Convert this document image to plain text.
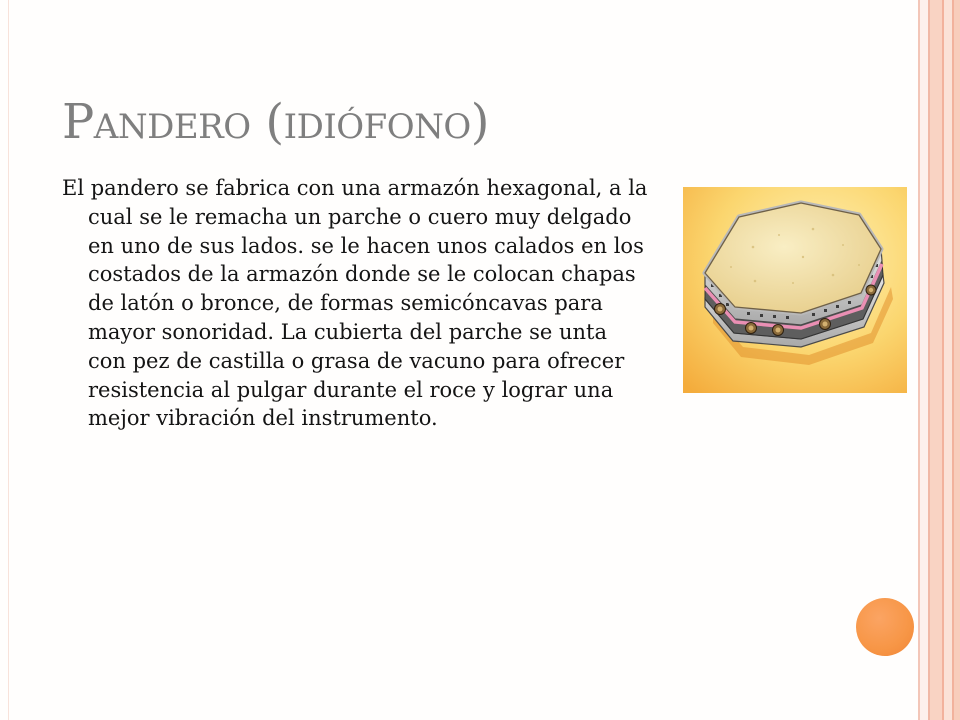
Pandero (idiófono)
El pandero se fabrica con una armazón hexagonal, a la
cual se le remacha un parche o cuero muy delgado
en uno de sus lados. se le hacen unos calados en los
costados de la armazón donde se le colocan chapas
de latón o bronce, de formas semicóncavas para
mayor sonoridad. La cubierta del parche se unta
con pez de castilla o grasa de vacuno para ofrecer
resistencia al pulgar durante el roce y lograr una
mejor vibración del instrumento.
